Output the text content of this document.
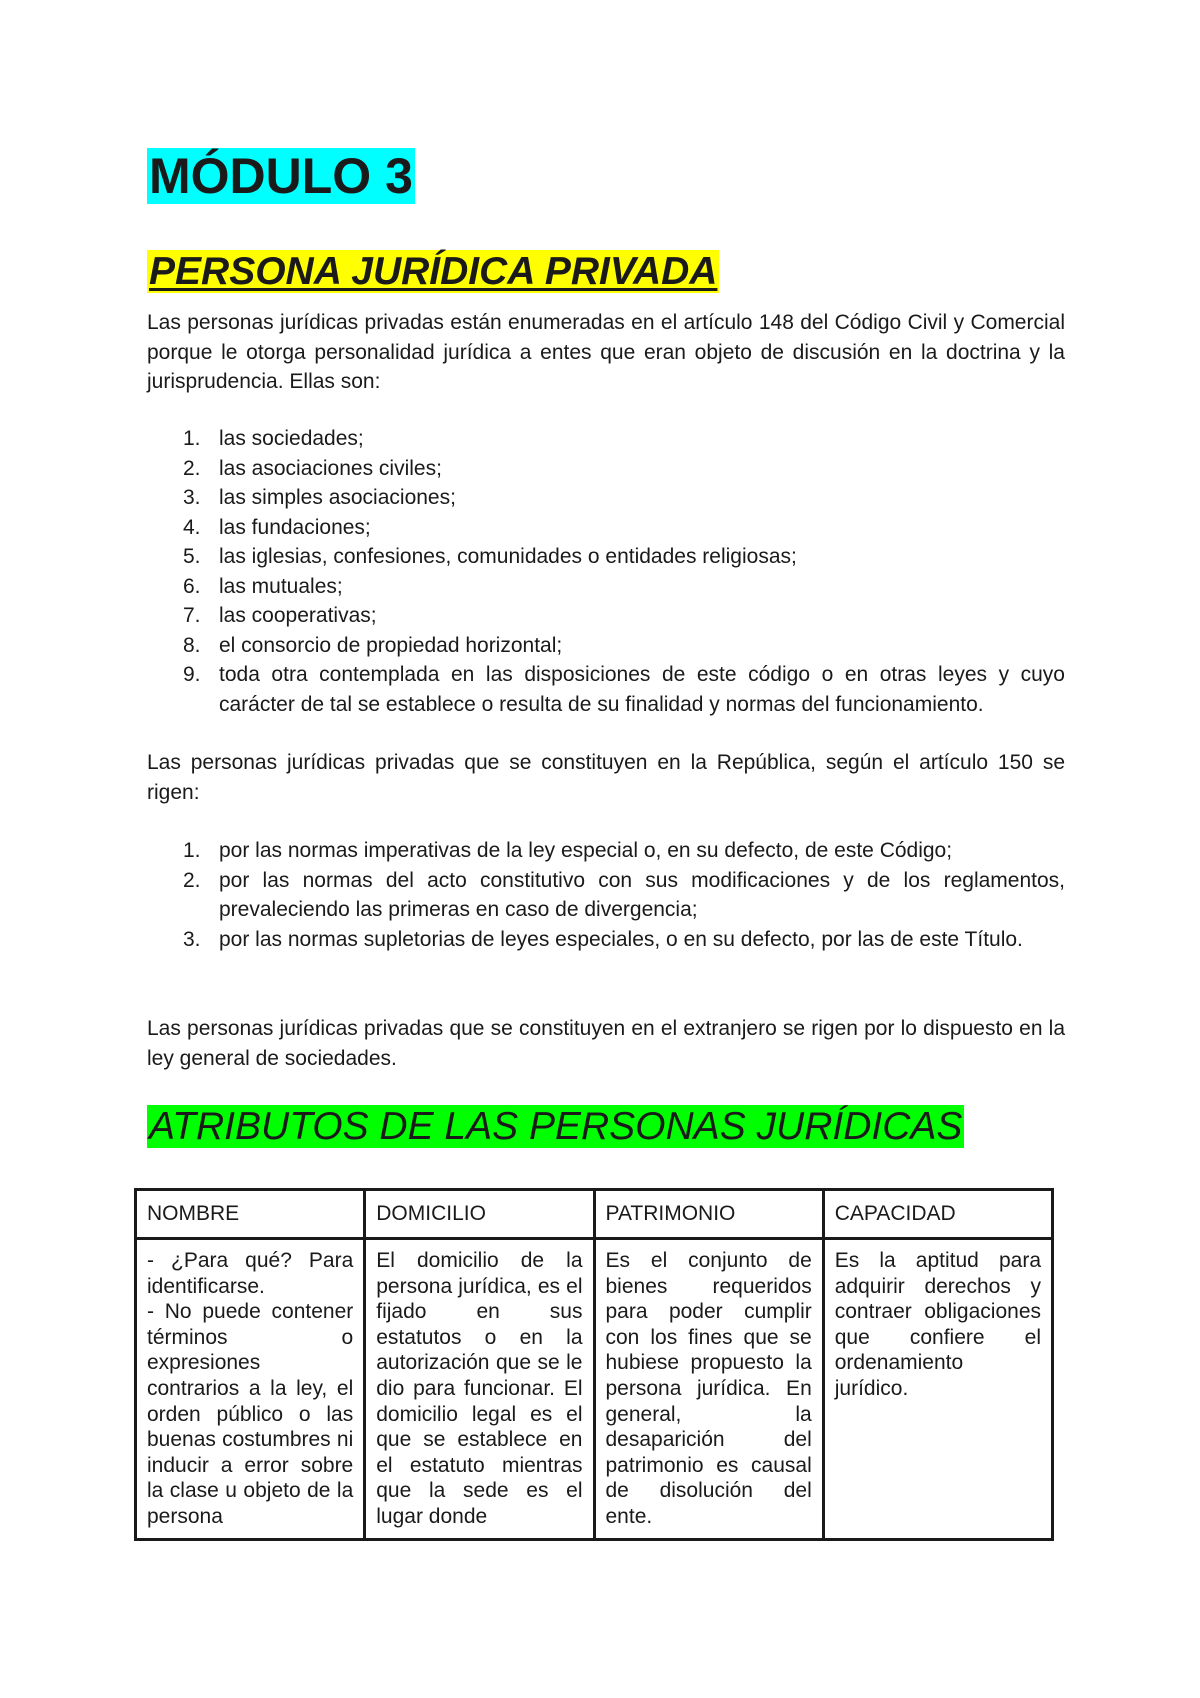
MÓDULO 3
PERSONA JURÍDICA PRIVADA

Las personas jurídicas privadas están enumeradas en el artículo 148 del Código Civil y Comercial porque le otorga personalidad jurídica a entes que eran objeto de discusión en la doctrina y la jurisprudencia. Ellas son:

1. las sociedades;
2. las asociaciones civiles;
3. las simples asociaciones;
4. las fundaciones;
5. las iglesias, confesiones, comunidades o entidades religiosas;
6. las mutuales;
7. las cooperativas;
8. el consorcio de propiedad horizontal;
9. toda otra contemplada en las disposiciones de este código o en otras leyes y cuyo carácter de tal se establece o resulta de su finalidad y normas del funcionamiento.

Las personas jurídicas privadas que se constituyen en la República, según el artículo 150 se rigen:

1. por las normas imperativas de la ley especial o, en su defecto, de este Código;
2. por las normas del acto constitutivo con sus modificaciones y de los reglamentos, prevaleciendo las primeras en caso de divergencia;
3. por las normas supletorias de leyes especiales, o en su defecto, por las de este Título.

Las personas jurídicas privadas que se constituyen en el extranjero se rigen por lo dispuesto en la ley general de sociedades.

ATRIBUTOS DE LAS PERSONAS JURÍDICAS
NOMBRE	DOMICILIO	PATRIMONIO	CAPACIDAD

- ¿Para qué? Para identificarse.
- No puede contener términos o expresiones contrarios a la ley, el orden público o las buenas costumbres ni inducir a error sobre la clase u objeto de la persona	El domicilio de la persona jurídica, es el fijado en sus estatutos o en la autorización que se le dio para funcionar. El domicilio legal es el que se establece en el estatuto mientras que la sede es el lugar donde	Es el conjunto de bienes requeridos para poder cumplir con los fines que se hubiese propuesto la persona jurídica. En general, la desaparición del patrimonio es causal de disolución del ente.	Es la aptitud para adquirir derechos y contraer obligaciones que confiere el ordenamiento jurídico.
